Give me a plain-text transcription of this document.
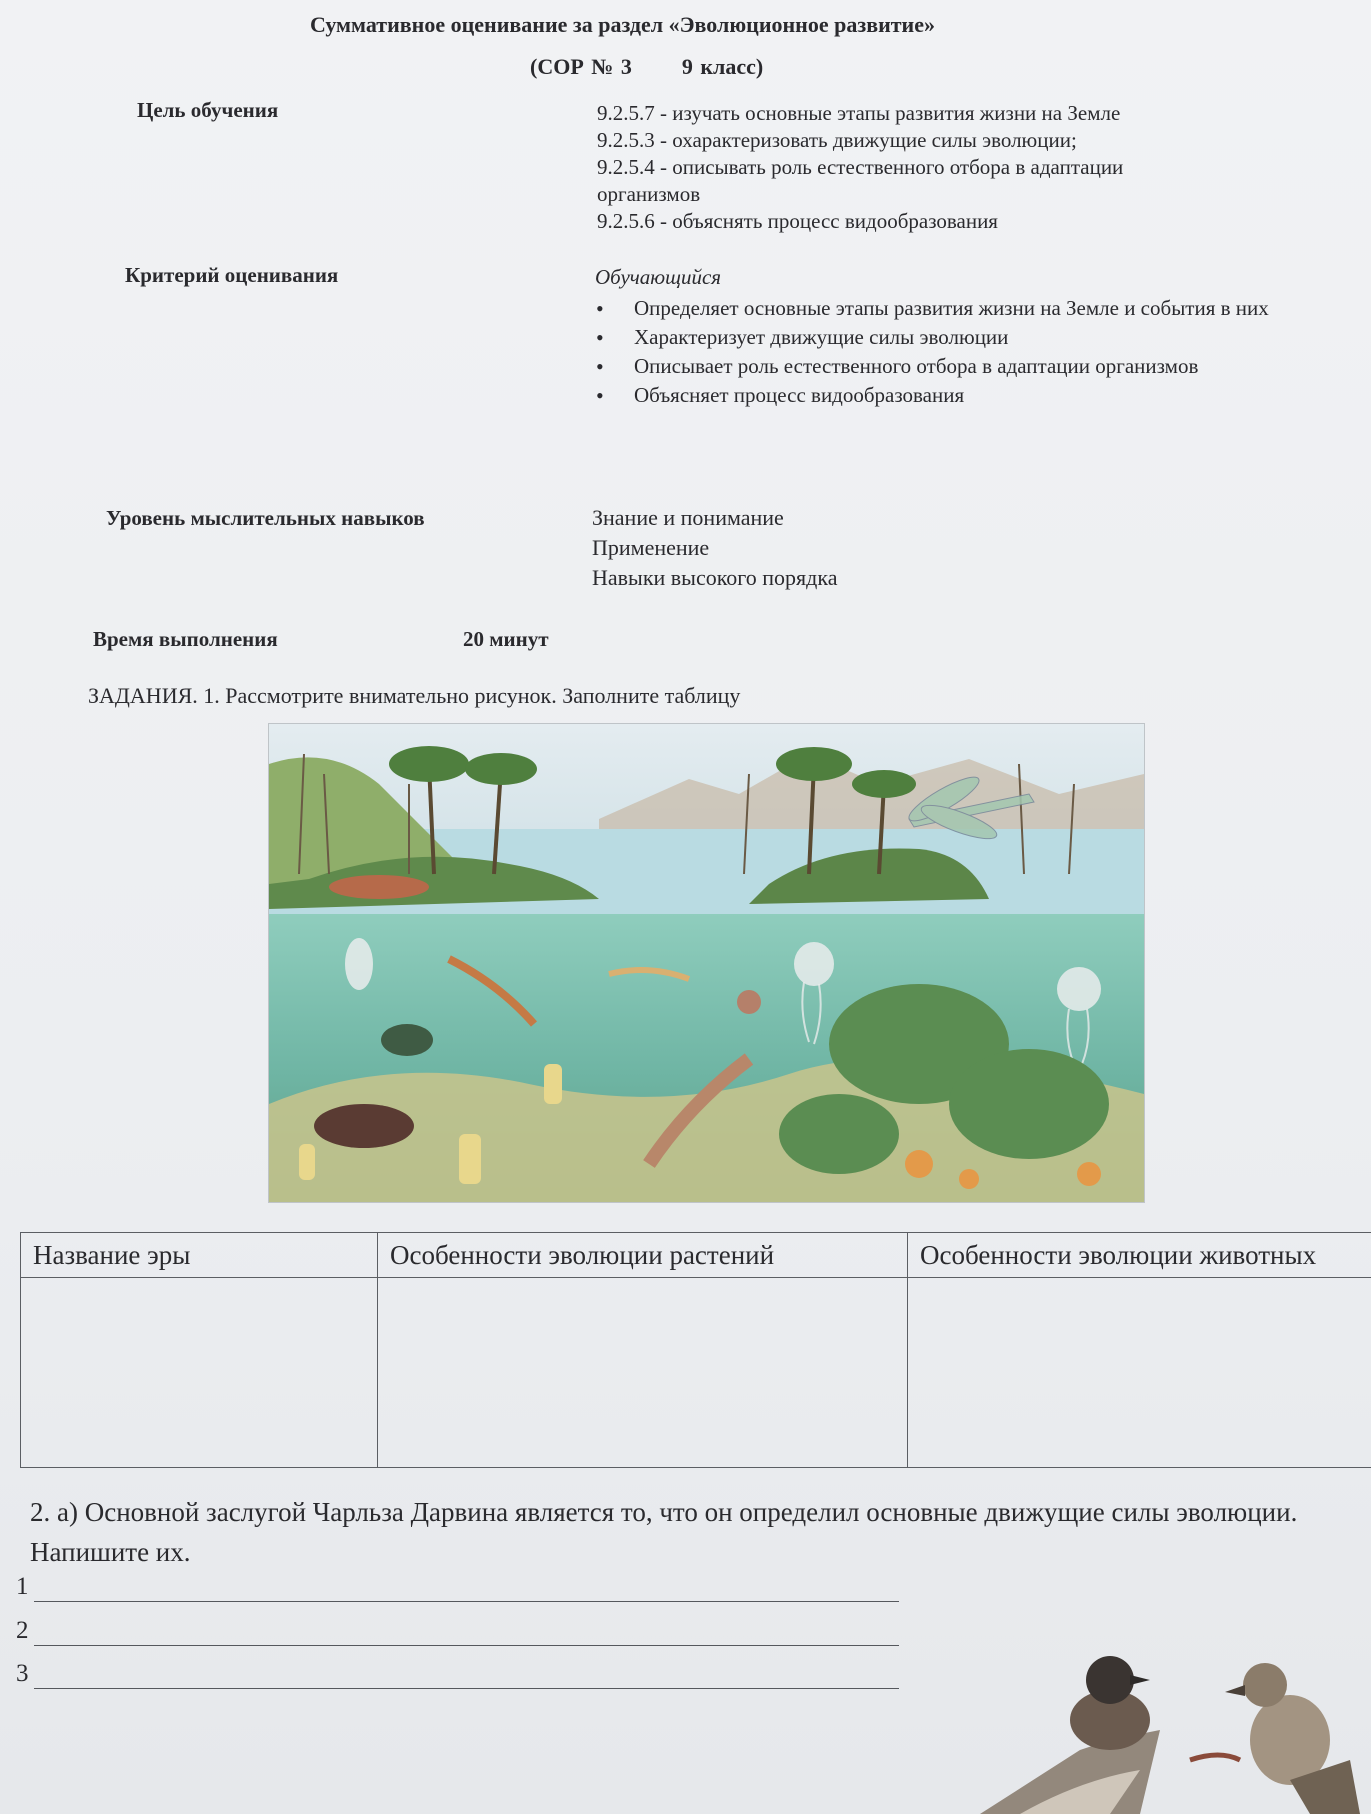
Суммативное оценивание за раздел «Эволюционное развитие»
(СОР № 3 9 класс)
Цель обучения	9.2.5.7 - изучать основные этапы развития жизни на Земле
9.2.5.3 - охарактеризовать движущие силы эволюции;
9.2.5.4 - описывать роль естественного отбора в адаптации
организмов
9.2.5.6 - объяснять процесс видообразования
Критерий оценивания	Обучающийся
• Определяет основные этапы развития жизни на Земле и события в них
• Характеризует движущие силы эволюции
• Описывает роль естественного отбора в адаптации организмов
• Объясняет процесс видообразования
Уровень мыслительных навыков	Знание и понимание
Применение
Навыки высокого порядка
Время выполнения	20 минут
ЗАДАНИЯ. 1. Рассмотрите внимательно рисунок. Заполните таблицу
Название эры	Особенности эволюции растений	Особенности эволюции животных

2. а) Основной заслугой Чарльза Дарвина является то, что он определил основные движущие силы эволюции. Напишите их.
1
2
3
